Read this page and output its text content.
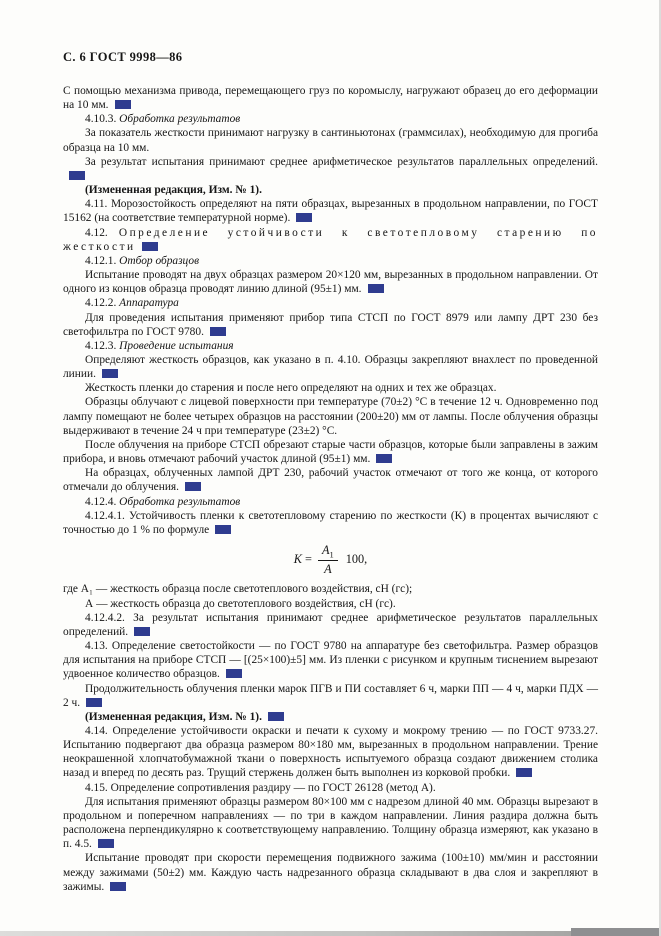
С. 6 ГОСТ 9998—86

С помощью механизма привода, перемещающего груз по коромыслу, нагружают образец до его деформации на 10 мм.

4.10.3. Обработка результатов

За показатель жесткости принимают нагрузку в сантиньютонах (граммсилах), необходимую для прогиба образца на 10 мм.

За результат испытания принимают среднее арифметическое результатов параллельных определений.

(Измененная редакция, Изм. № 1).

4.11. Морозостойкость определяют на пяти образцах, вырезанных в продольном направлении, по ГОСТ 15162 (на соответствие температурной норме).

4.12. Определение устойчивости к светотепловому старению по жесткости

4.12.1. Отбор образцов

Испытание проводят на двух образцах размером 20×120 мм, вырезанных в продольном направлении. От одного из концов образца проводят линию длиной (95±1) мм.

4.12.2. Аппаратура

Для проведения испытания применяют прибор типа СТСП по ГОСТ 8979 или лампу ДРТ 230 без светофильтра по ГОСТ 9780.

4.12.3. Проведение испытания

Определяют жесткость образцов, как указано в п. 4.10. Образцы закрепляют внахлест по проведенной линии.

Жесткость пленки до старения и после него определяют на одних и тех же образцах.

Образцы облучают с лицевой поверхности при температуре (70±2) °С в течение 12 ч. Одновременно под лампу помещают не более четырех образцов на расстоянии (200±20) мм от лампы. После облучения образцы выдерживают в течение 24 ч при температуре (23±2) °С.

После облучения на приборе СТСП обрезают старые части образцов, которые были заправлены в зажим прибора, и вновь отмечают рабочий участок длиной (95±1) мм.

На образцах, облученных лампой ДРТ 230, рабочий участок отмечают от того же конца, от которого отмечали до облучения.

4.12.4. Обработка результатов

4.12.4.1. Устойчивость пленки к светотепловому старению по жесткости (К) в процентах вычисляют с точностью до 1 % по формуле

$К = \frac{А_1}{А} 100$,

где А₁ — жесткость образца после светотеплового воздействия, сН (гс);

А — жесткость образца до светотеплового воздействия, сН (гс).

4.12.4.2. За результат испытания принимают среднее арифметическое результатов параллельных определений.

4.13. Определение светостойкости — по ГОСТ 9780 на аппаратуре без светофильтра. Размер образцов для испытания на приборе СТСП — [(25×100)±5] мм. Из пленки с рисунком и крупным тиснением вырезают удвоенное количество образцов.

Продолжительность облучения пленки марок ПГВ и ПИ составляет 6 ч, марки ПП — 4 ч, марки ПДХ — 2 ч.

(Измененная редакция, Изм. № 1).

4.14. Определение устойчивости окраски и печати к сухому и мокрому трению — по ГОСТ 9733.27. Испытанию подвергают два образца размером 80×180 мм, вырезанных в продольном направлении. Трение неокрашенной хлопчатобумажной ткани о поверхность испытуемого образца создают движением столика назад и вперед по десять раз. Трущий стержень должен быть выполнен из корковой пробки.

4.15. Определение сопротивления раздиру — по ГОСТ 26128 (метод А).

Для испытания применяют образцы размером 80×100 мм с надрезом длиной 40 мм. Образцы вырезают в продольном и поперечном направлениях — по три в каждом направлении. Линия раздира должна быть расположена перпендикулярно к соответствующему направлению. Толщину образца измеряют, как указано в п. 4.5.

Испытание проводят при скорости перемещения подвижного зажима (100±10) мм/мин и расстоянии между зажимами (50±2) мм. Каждую часть надрезанного образца складывают в два слоя и закрепляют в зажимы.
